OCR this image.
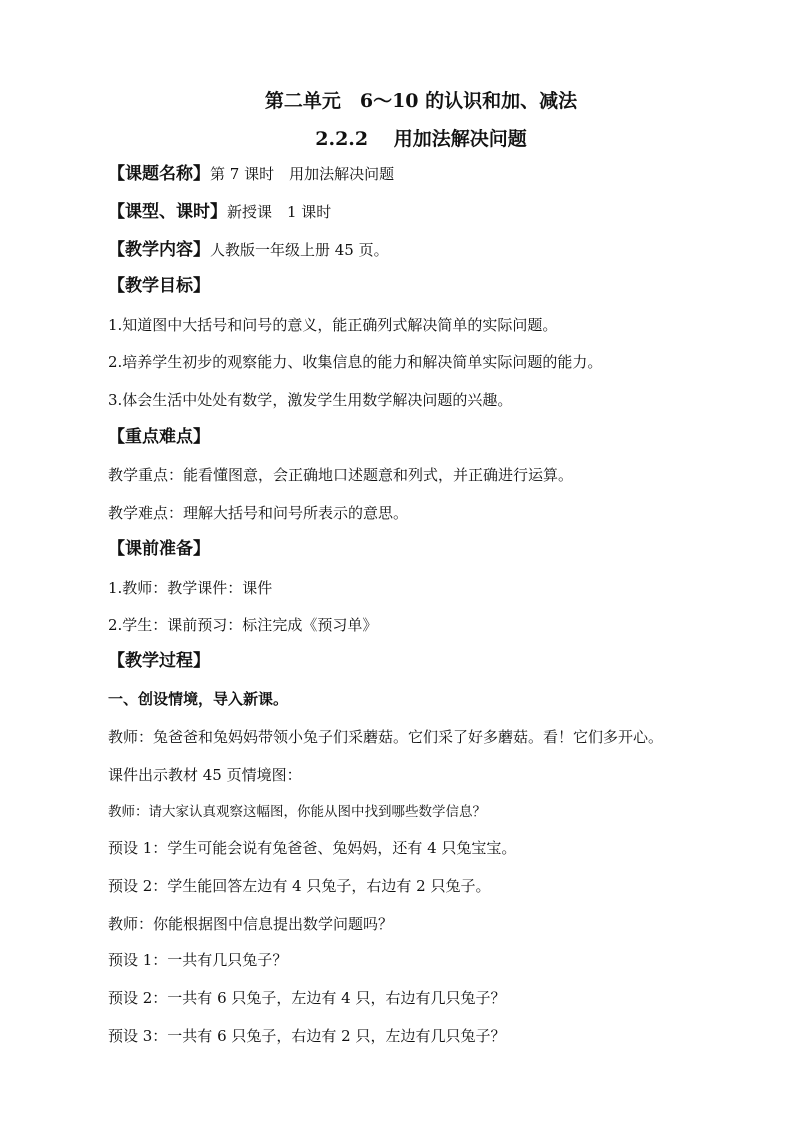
第二单元　6～10 的认识和加、减法
2.2.2　 用加法解决问题
【课题名称】第 7 课时　用加法解决问题
【课型、课时】新授课　1 课时
【教学内容】人教版一年级上册 45 页。
【教学目标】
1.知道图中大括号和问号的意义，能正确列式解决简单的实际问题。
2.培养学生初步的观察能力、收集信息的能力和解决简单实际问题的能力。
3.体会生活中处处有数学，激发学生用数学解决问题的兴趣。
【重点难点】
教学重点：能看懂图意，会正确地口述题意和列式，并正确进行运算。
教学难点：理解大括号和问号所表示的意思。
【课前准备】
1.教师：教学课件：课件
2.学生：课前预习：标注完成《预习单》
【教学过程】
一、创设情境，导入新课。
教师：兔爸爸和兔妈妈带领小兔子们采蘑菇。它们采了好多蘑菇。看！它们多开心。
课件出示教材 45 页情境图：
教师：请大家认真观察这幅图，你能从图中找到哪些数学信息？
预设 1：学生可能会说有兔爸爸、兔妈妈，还有 4 只兔宝宝。
预设 2：学生能回答左边有 4 只兔子，右边有 2 只兔子。
教师：你能根据图中信息提出数学问题吗？
预设 1：一共有几只兔子？
预设 2：一共有 6 只兔子，左边有 4 只，右边有几只兔子？
预设 3：一共有 6 只兔子，右边有 2 只，左边有几只兔子？
